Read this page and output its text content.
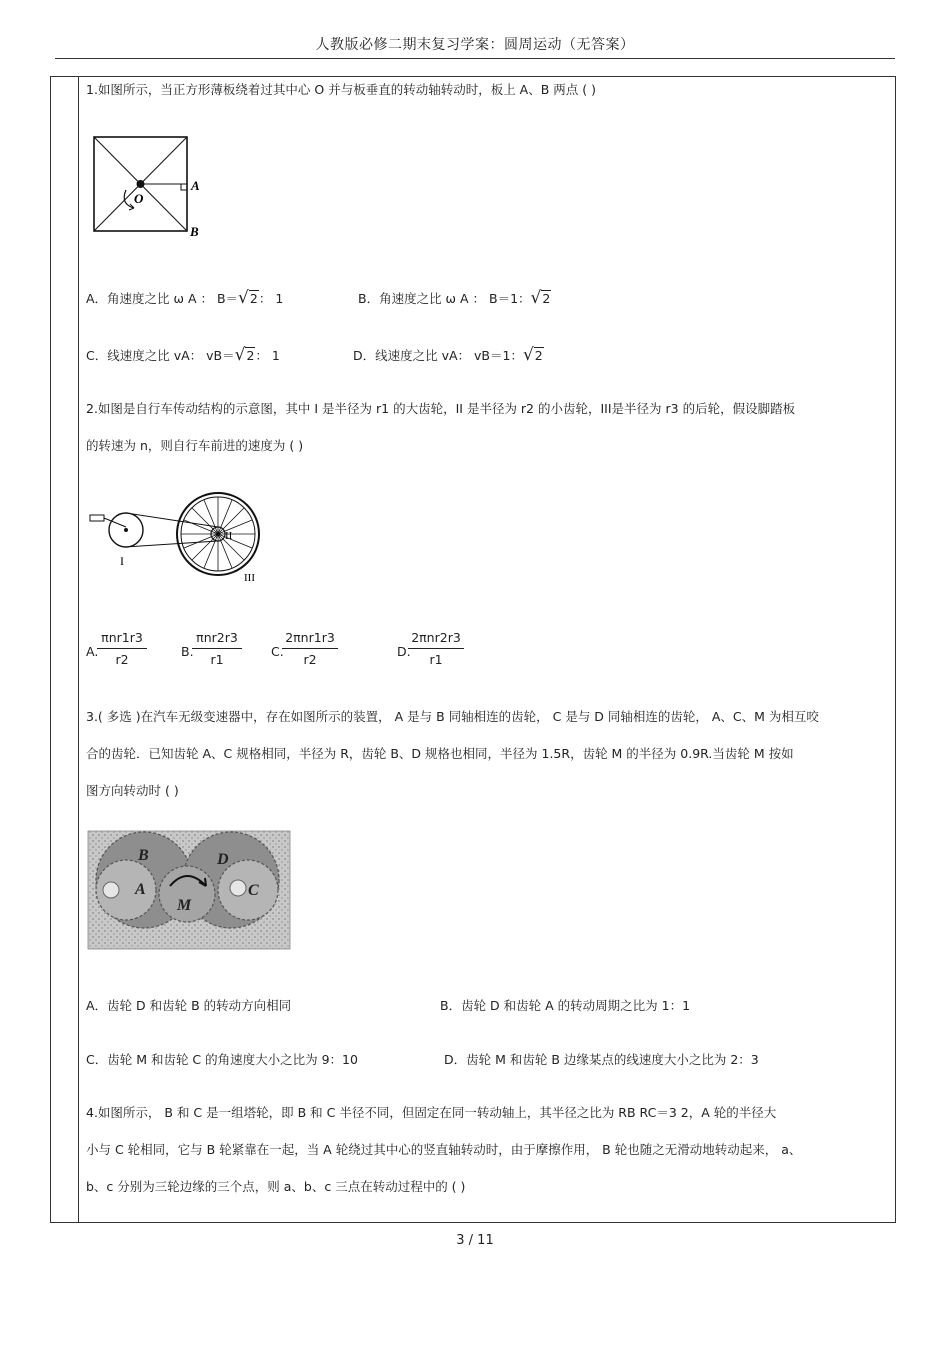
人教版必修二期末复习学案：圆周运动（无答案）
1.如图所示，当正方形薄板绕着过其中心 O 并与板垂直的转动轴转动时，板上 A、B 两点 ( )
O
A
B
A．角速度之比 ω A ： B＝√2： 1	B．角速度之比 ω A ： B＝1：√2
C．线速度之比 vA： vB＝√2： 1	D．线速度之比 vA： vB＝1：√2
2.如图是自行车传动结构的示意图，其中 I 是半径为 r1 的大齿轮，II 是半径为 r2 的小齿轮，III是半径为 r3 的后轮，假设脚踏板
的转速为 n，则自行车前进的速度为 ( )
I
II
III
A.
πnr1r3
r2
B.
πnr2r3
r1
C.
2πnr1r3
r2
D.
2πnr2r3
r1
3.( 多选 )在汽车无级变速器中，存在如图所示的装置， A 是与 B 同轴相连的齿轮， C 是与 D 同轴相连的齿轮， A、C、M 为相互咬
合的齿轮．已知齿轮 A、C 规格相同，半径为 R，齿轮 B、D 规格也相同，半径为 1.5R，齿轮 M 的半径为 0.9R.当齿轮 M 按如
图方向转动时 ( )
B	D
A	C
M
A．齿轮 D 和齿轮 B 的转动方向相同	B．齿轮 D 和齿轮 A 的转动周期之比为 1：1
C．齿轮 M 和齿轮 C 的角速度大小之比为 9：10	D．齿轮 M 和齿轮 B 边缘某点的线速度大小之比为 2：3
4.如图所示， B 和 C 是一组塔轮，即 B 和 C 半径不同，但固定在同一转动轴上，其半径之比为 RB RC＝3 2，A 轮的半径大
小与 C 轮相同，它与 B 轮紧靠在一起，当 A 轮绕过其中心的竖直轴转动时，由于摩擦作用， B 轮也随之无滑动地转动起来， a、
b、c 分别为三轮边缘的三个点，则 a、b、c 三点在转动过程中的 ( )
3 / 11
